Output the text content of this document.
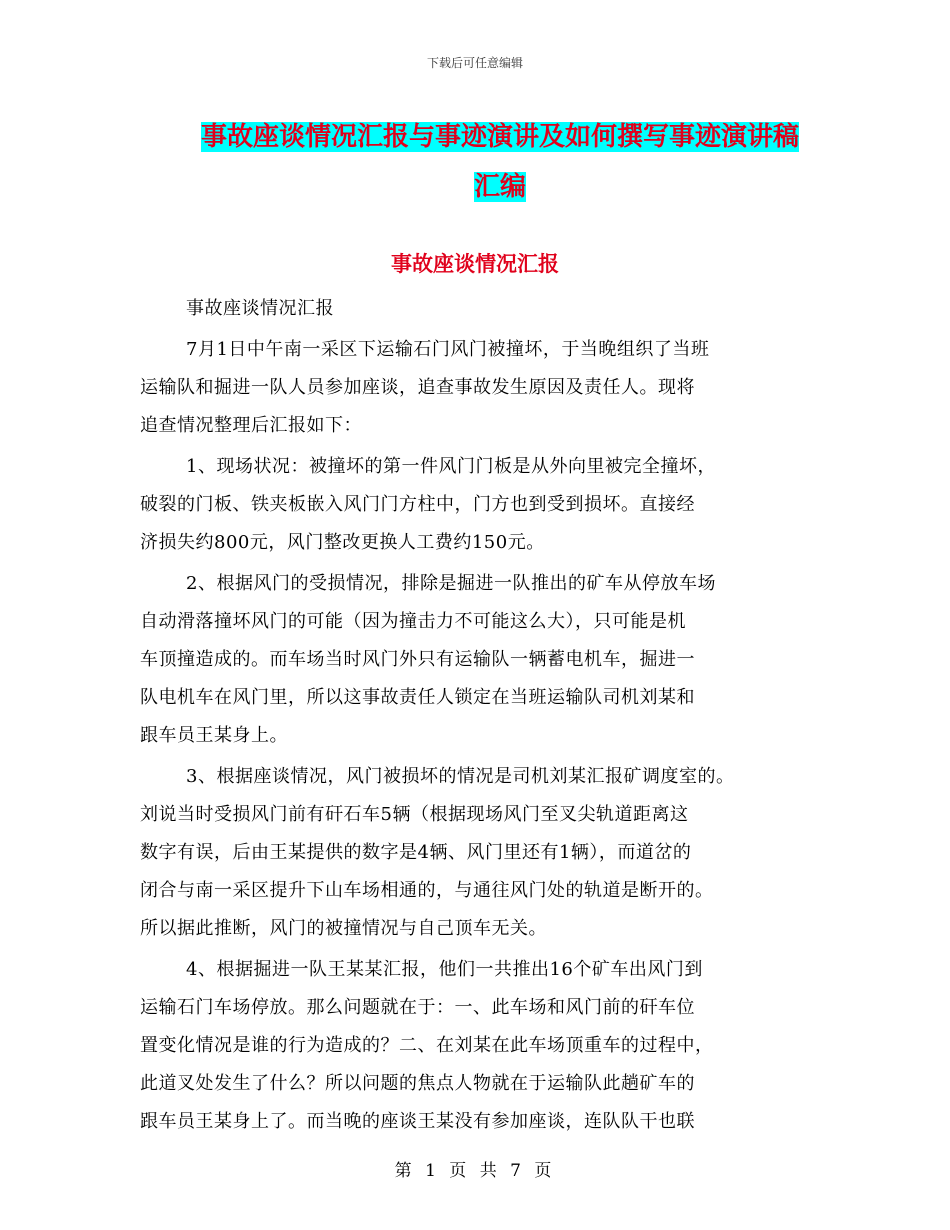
下载后可任意编辑
事故座谈情况汇报与事迹演讲及如何撰写事迹演讲稿
汇编
事故座谈情况汇报
事故座谈情况汇报
7月1日中午南一采区下运输石门风门被撞坏，于当晚组织了当班
运输队和掘进一队人员参加座谈，追查事故发生原因及责任人。现将
追查情况整理后汇报如下：
1、现场状况：被撞坏的第一件风门门板是从外向里被完全撞坏，
破裂的门板、铁夹板嵌入风门门方柱中，门方也到受到损坏。直接经
济损失约800元，风门整改更换人工费约150元。
2、根据风门的受损情况，排除是掘进一队推出的矿车从停放车场
自动滑落撞坏风门的可能（因为撞击力不可能这么大），只可能是机
车顶撞造成的。而车场当时风门外只有运输队一辆蓄电机车，掘进一
队电机车在风门里，所以这事故责任人锁定在当班运输队司机刘某和
跟车员王某身上。
3、根据座谈情况，风门被损坏的情况是司机刘某汇报矿调度室的。
刘说当时受损风门前有矸石车5辆（根据现场风门至叉尖轨道距离这
数字有误，后由王某提供的数字是4辆、风门里还有1辆），而道岔的
闭合与南一采区提升下山车场相通的，与通往风门处的轨道是断开的。
所以据此推断，风门的被撞情况与自己顶车无关。
4、根据掘进一队王某某汇报，他们一共推出16个矿车出风门到
运输石门车场停放。那么问题就在于：一、此车场和风门前的矸车位
置变化情况是谁的行为造成的？二、在刘某在此车场顶重车的过程中，
此道叉处发生了什么？所以问题的焦点人物就在于运输队此趟矿车的
跟车员王某身上了。而当晚的座谈王某没有参加座谈，连队队干也联
第 1 页 共 7 页
